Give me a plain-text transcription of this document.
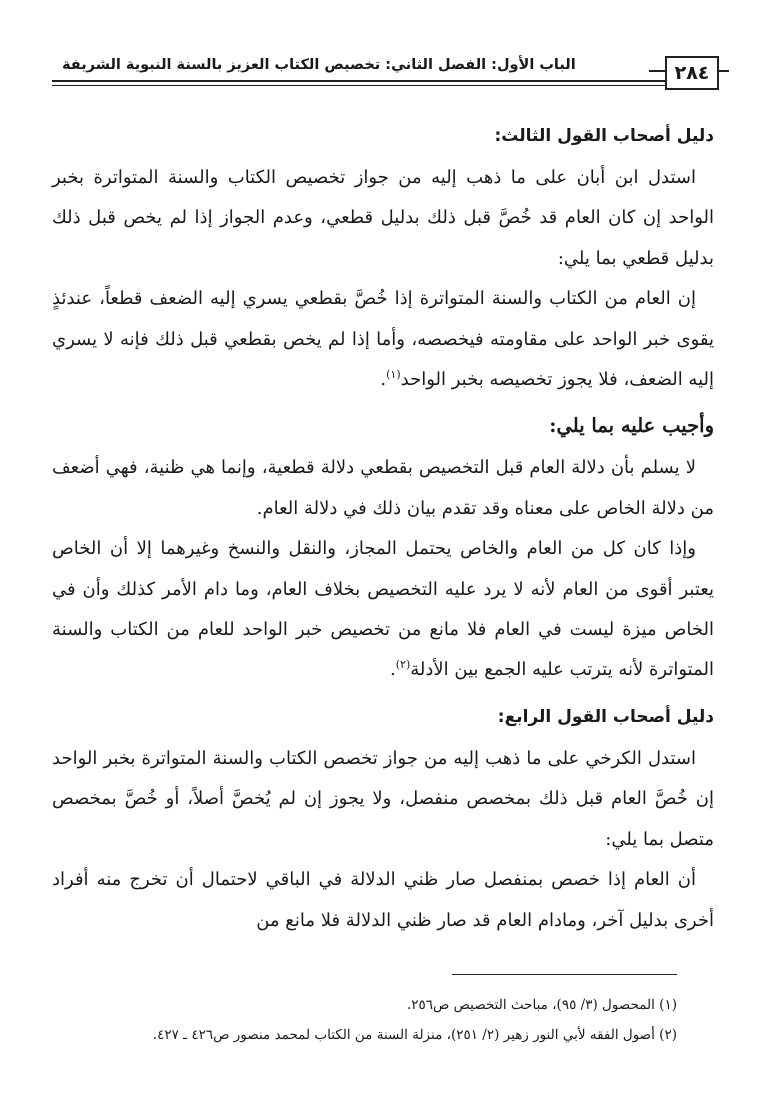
الباب الأول: الفصل الثاني: تخصيص الكتاب العزيز بالسنة النبوية الشريفة	٢٨٤
دليل أصحاب القول الثالث:

استدل ابن أبان على ما ذهب إليه من جواز تخصيص الكتاب والسنة المتواترة بخبر الواحد إن كان العام قد خُصَّ قبل ذلك بدليل قطعي، وعدم الجواز إذا لم يخص قبل ذلك بدليل قطعي بما يلي:

إن العام من الكتاب والسنة المتواترة إذا خُصَّ بقطعي يسري إليه الضعف قطعاً، عندئذٍ يقوى خبر الواحد على مقاومته فيخصصه، وأما إذا لم يخص بقطعي قبل ذلك فإنه لا يسري إليه الضعف، فلا يجوز تخصيصه بخبر الواحد$^{(١)}$.

وأجيب عليه بما يلي:

لا يسلم بأن دلالة العام قبل التخصيص بقطعي دلالة قطعية، وإنما هي ظنية، فهي أضعف من دلالة الخاص على معناه وقد تقدم بيان ذلك في دلالة العام.

وإذا كان كل من العام والخاص يحتمل المجاز، والنقل والنسخ وغيرهما إلا أن الخاص يعتبر أقوى من العام لأنه لا يرد عليه التخصيص بخلاف العام، وما دام الأمر كذلك وأن في الخاص ميزة ليست في العام فلا مانع من تخصيص خبر الواحد للعام من الكتاب والسنة المتواترة لأنه يترتب عليه الجمع بين الأدلة$^{(٢)}$.

دليل أصحاب القول الرابع:

استدل الكرخي على ما ذهب إليه من جواز تخصص الكتاب والسنة المتواترة بخبر الواحد إن خُصَّ العام قبل ذلك بمخصص منفصل، ولا يجوز إن لم يُخصَّ أصلاً، أو خُصَّ بمخصص متصل بما يلي:

أن العام إذا خصص بمنفصل صار ظني الدلالة في الباقي لاحتمال أن تخرج منه أفراد أخرى بدليل آخر، ومادام العام قد صار ظني الدلالة فلا مانع من

(١) المحصول (٣/ ٩٥)، مباحث التخصيص ص٢٥٦.
(٢) أصول الفقه لأبي النور زهير (٢/ ٢٥١)، منزلة السنة من الكتاب لمحمد منصور ص٤٢٦ ـ ٤٢٧.
